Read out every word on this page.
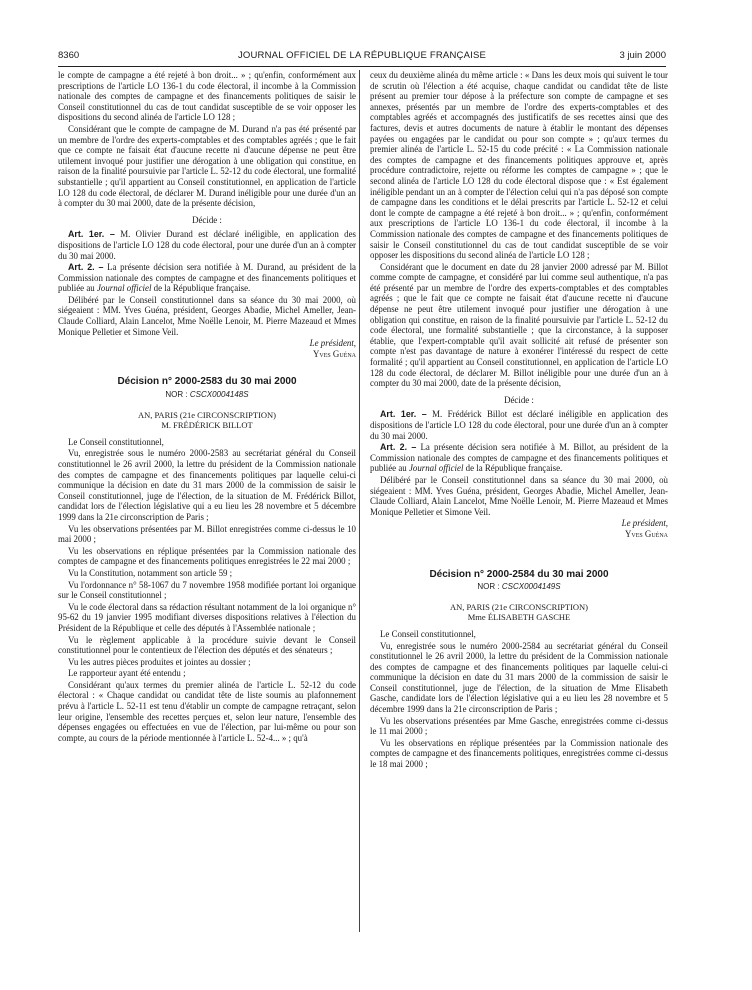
8360	JOURNAL OFFICIEL DE LA RÉPUBLIQUE FRANÇAISE	3 juin 2000

le compte de campagne a été rejeté à bon droit... » ; qu'enfin, conformément aux prescriptions de l'article LO 136-1 du code électoral, il incombe à la Commission nationale des comptes de campagne et des financements politiques de saisir le Conseil constitutionnel du cas de tout candidat susceptible de se voir opposer les dispositions du second alinéa de l'article LO 128 ;

Considérant que le compte de campagne de M. Durand n'a pas été présenté par un membre de l'ordre des experts-comptables et des comptables agréés ; que le fait que ce compte ne faisait état d'aucune recette ni d'aucune dépense ne peut être utilement invoqué pour justifier une dérogation à une obligation qui constitue, en raison de la finalité poursuivie par l'article L. 52-12 du code électoral, une formalité substantielle ; qu'il appartient au Conseil constitutionnel, en application de l'article LO 128 du code électoral, de déclarer M. Durand inéligible pour une durée d'un an à compter du 30 mai 2000, date de la présente décision,

Décide :

Art. 1er. – M. Olivier Durand est déclaré inéligible, en application des dispositions de l'article LO 128 du code électoral, pour une durée d'un an à compter du 30 mai 2000.

Art. 2. – La présente décision sera notifiée à M. Durand, au président de la Commission nationale des comptes de campagne et des financements politiques et publiée au Journal officiel de la République française.

Délibéré par le Conseil constitutionnel dans sa séance du 30 mai 2000, où siégeaient : MM. Yves Guéna, président, Georges Abadie, Michel Ameller, Jean-Claude Colliard, Alain Lancelot, Mme Noëlle Lenoir, M. Pierre Mazeaud et Mmes Monique Pelletier et Simone Veil.

Le président,

Yves Guéna

Décision n° 2000-2583 du 30 mai 2000

NOR : CSCX0004148S

AN, PARIS (21e CIRCONSCRIPTION)

M. FRÉDÉRICK BILLOT

Le Conseil constitutionnel,

Vu, enregistrée sous le numéro 2000-2583 au secrétariat général du Conseil constitutionnel le 26 avril 2000, la lettre du président de la Commission nationale des comptes de campagne et des financements politiques par laquelle celui-ci communique la décision en date du 31 mars 2000 de la commission de saisir le Conseil constitutionnel, juge de l'élection, de la situation de M. Frédérick Billot, candidat lors de l'élection législative qui a eu lieu les 28 novembre et 5 décembre 1999 dans la 21e circonscription de Paris ;

Vu les observations présentées par M. Billot enregistrées comme ci-dessus le 10 mai 2000 ;

Vu les observations en réplique présentées par la Commission nationale des comptes de campagne et des financements politiques enregistrées le 22 mai 2000 ;

Vu la Constitution, notamment son article 59 ;

Vu l'ordonnance n° 58-1067 du 7 novembre 1958 modifiée portant loi organique sur le Conseil constitutionnel ;

Vu le code électoral dans sa rédaction résultant notamment de la loi organique n° 95-62 du 19 janvier 1995 modifiant diverses dispositions relatives à l'élection du Président de la République et celle des députés à l'Assemblée nationale ;

Vu le règlement applicable à la procédure suivie devant le Conseil constitutionnel pour le contentieux de l'élection des députés et des sénateurs ;

Vu les autres pièces produites et jointes au dossier ;

Le rapporteur ayant été entendu ;

Considérant qu'aux termes du premier alinéa de l'article L. 52-12 du code électoral : « Chaque candidat ou candidat tête de liste soumis au plafonnement prévu à l'article L. 52-11 est tenu d'établir un compte de campagne retraçant, selon leur origine, l'ensemble des recettes perçues et, selon leur nature, l'ensemble des dépenses engagées ou effectuées en vue de l'élection, par lui-même ou pour son compte, au cours de la période mentionnée à l'article L. 52-4... » ; qu'à

ceux du deuxième alinéa du même article : « Dans les deux mois qui suivent le tour de scrutin où l'élection a été acquise, chaque candidat ou candidat tête de liste présent au premier tour dépose à la préfecture son compte de campagne et ses annexes, présentés par un membre de l'ordre des experts-comptables et des comptables agréés et accompagnés des justificatifs de ses recettes ainsi que des factures, devis et autres documents de nature à établir le montant des dépenses payées ou engagées par le candidat ou pour son compte » ; qu'aux termes du premier alinéa de l'article L. 52-15 du code précité : « La Commission nationale des comptes de campagne et des financements politiques approuve et, après procédure contradictoire, rejette ou réforme les comptes de campagne » ; que le second alinéa de l'article LO 128 du code électoral dispose que : « Est également inéligible pendant un an à compter de l'élection celui qui n'a pas déposé son compte de campagne dans les conditions et le délai prescrits par l'article L. 52-12 et celui dont le compte de campagne a été rejeté à bon droit... » ; qu'enfin, conformément aux prescriptions de l'article LO 136-1 du code électoral, il incombe à la Commission nationale des comptes de campagne et des financements politiques de saisir le Conseil constitutionnel du cas de tout candidat susceptible de se voir opposer les dispositions du second alinéa de l'article LO 128 ;

Considérant que le document en date du 28 janvier 2000 adressé par M. Billot comme compte de campagne, et considéré par lui comme seul authentique, n'a pas été présenté par un membre de l'ordre des experts-comptables et des comptables agréés ; que le fait que ce compte ne faisait état d'aucune recette ni d'aucune dépense ne peut être utilement invoqué pour justifier une dérogation à une obligation qui constitue, en raison de la finalité poursuivie par l'article L. 52-12 du code électoral, une formalité substantielle ; que la circonstance, à la supposer établie, que l'expert-comptable qu'il avait sollicité ait refusé de présenter son compte n'est pas davantage de nature à exonérer l'intéressé du respect de cette formalité ; qu'il appartient au Conseil constitutionnel, en application de l'article LO 128 du code électoral, de déclarer M. Billot inéligible pour une durée d'un an à compter du 30 mai 2000, date de la présente décision,

Décide :

Art. 1er. – M. Frédérick Billot est déclaré inéligible en application des dispositions de l'article LO 128 du code électoral, pour une durée d'un an à compter du 30 mai 2000.

Art. 2. – La présente décision sera notifiée à M. Billot, au président de la Commission nationale des comptes de campagne et des financements politiques et publiée au Journal officiel de la République française.

Délibéré par le Conseil constitutionnel dans sa séance du 30 mai 2000, où siégeaient : MM. Yves Guéna, président, Georges Abadie, Michel Ameller, Jean-Claude Colliard, Alain Lancelot, Mme Noëlle Lenoir, M. Pierre Mazeaud et Mmes Monique Pelletier et Simone Veil.

Le président,

Yves Guéna

Décision n° 2000-2584 du 30 mai 2000

NOR : CSCX0004149S

AN, PARIS (21e CIRCONSCRIPTION)

Mme ÉLISABETH GASCHE

Le Conseil constitutionnel,

Vu, enregistrée sous le numéro 2000-2584 au secrétariat général du Conseil constitutionnel le 26 avril 2000, la lettre du président de la Commission nationale des comptes de campagne et des financements politiques par laquelle celui-ci communique la décision en date du 31 mars 2000 de la commission de saisir le Conseil constitutionnel, juge de l'élection, de la situation de Mme Elisabeth Gasche, candidate lors de l'élection législative qui a eu lieu les 28 novembre et 5 décembre 1999 dans la 21e circonscription de Paris ;

Vu les observations présentées par Mme Gasche, enregistrées comme ci-dessus le 11 mai 2000 ;

Vu les observations en réplique présentées par la Commission nationale des comptes de campagne et des financements politiques, enregistrées comme ci-dessus le 18 mai 2000 ;
